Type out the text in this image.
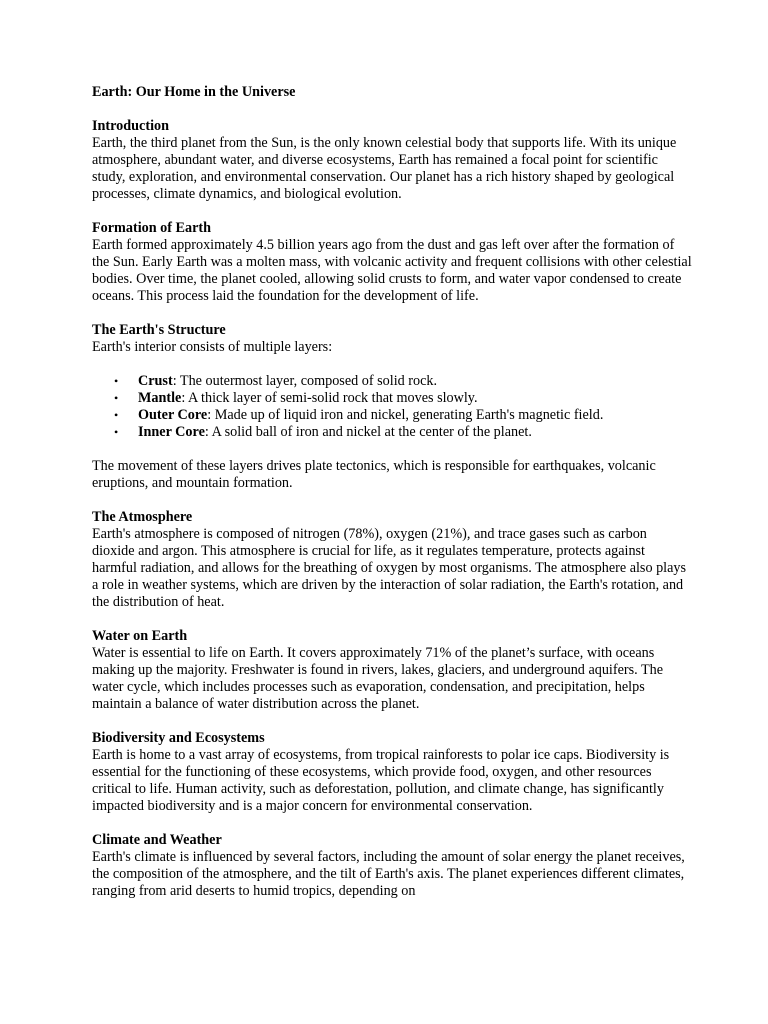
Earth: Our Home in the Universe

Introduction

Earth, the third planet from the Sun, is the only known celestial body that supports life. With its unique atmosphere, abundant water, and diverse ecosystems, Earth has remained a focal point for scientific study, exploration, and environmental conservation. Our planet has a rich history shaped by geological processes, climate dynamics, and biological evolution.

Formation of Earth

Earth formed approximately 4.5 billion years ago from the dust and gas left over after the formation of the Sun. Early Earth was a molten mass, with volcanic activity and frequent collisions with other celestial bodies. Over time, the planet cooled, allowing solid crusts to form, and water vapor condensed to create oceans. This process laid the foundation for the development of life.

The Earth's Structure

Earth's interior consists of multiple layers:

• Crust: The outermost layer, composed of solid rock.
• Mantle: A thick layer of semi-solid rock that moves slowly.
• Outer Core: Made up of liquid iron and nickel, generating Earth's magnetic field.
• Inner Core: A solid ball of iron and nickel at the center of the planet.

The movement of these layers drives plate tectonics, which is responsible for earthquakes, volcanic eruptions, and mountain formation.

The Atmosphere

Earth's atmosphere is composed of nitrogen (78%), oxygen (21%), and trace gases such as carbon dioxide and argon. This atmosphere is crucial for life, as it regulates temperature, protects against harmful radiation, and allows for the breathing of oxygen by most organisms. The atmosphere also plays a role in weather systems, which are driven by the interaction of solar radiation, the Earth's rotation, and the distribution of heat.

Water on Earth

Water is essential to life on Earth. It covers approximately 71% of the planet’s surface, with oceans making up the majority. Freshwater is found in rivers, lakes, glaciers, and underground aquifers. The water cycle, which includes processes such as evaporation, condensation, and precipitation, helps maintain a balance of water distribution across the planet.

Biodiversity and Ecosystems

Earth is home to a vast array of ecosystems, from tropical rainforests to polar ice caps. Biodiversity is essential for the functioning of these ecosystems, which provide food, oxygen, and other resources critical to life. Human activity, such as deforestation, pollution, and climate change, has significantly impacted biodiversity and is a major concern for environmental conservation.

Climate and Weather

Earth's climate is influenced by several factors, including the amount of solar energy the planet receives, the composition of the atmosphere, and the tilt of Earth's axis. The planet experiences different climates, ranging from arid deserts to humid tropics, depending on
